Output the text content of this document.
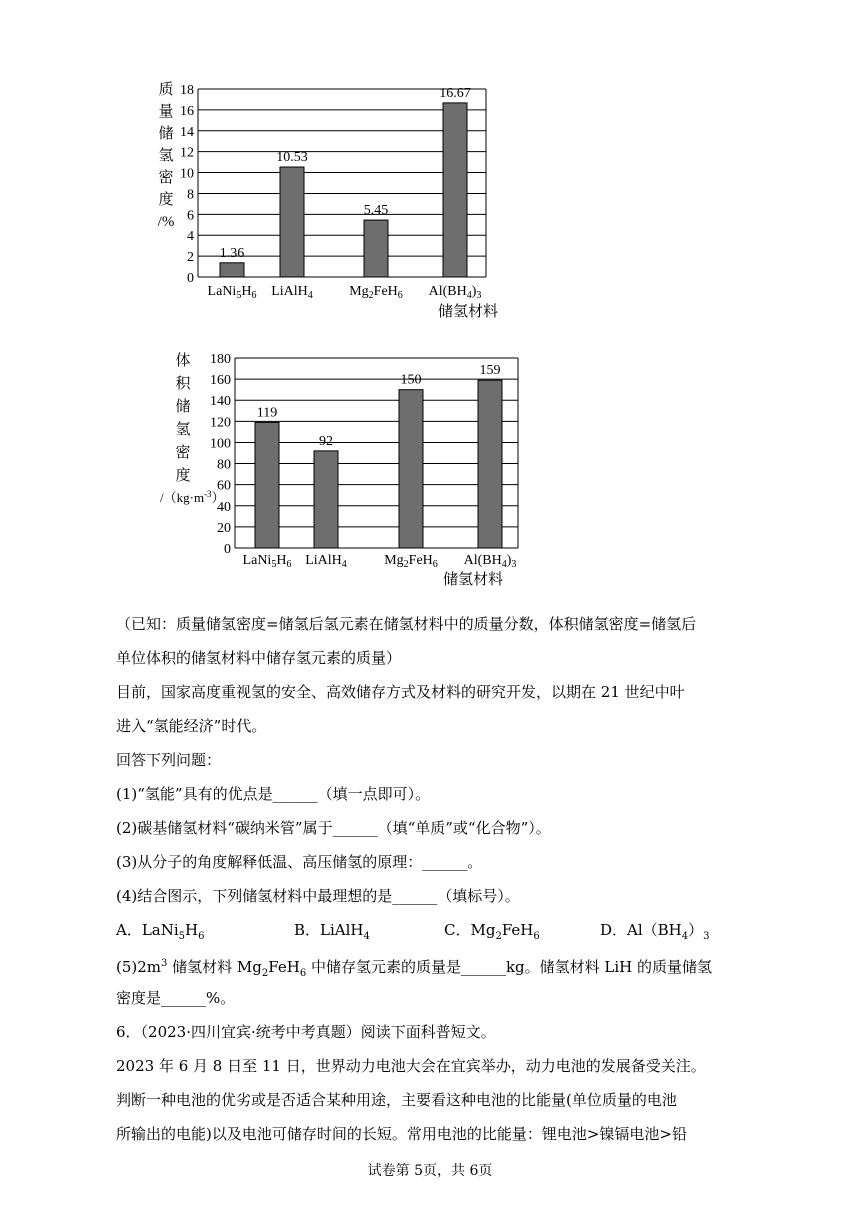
质
量
储
氢
密
度
/%
0
2
4
6
8
10
12
14
16
18
1.36
10.53
5.45
16.67
$LaNi_5H_6$ LiAlH$_4$	$Mg_2FeH_6$ $Al(BH_4)_3$
储氢材料
体
积
储
氢
密
度
$/(kg\cdot m^{-3})$
0
20
40
60
80
100
120
140
160
180
119
92
150
159
$LaNi_5H_6$ LiAlH$_4$	$Mg_2FeH_6$ $Al(BH_4)_3$
储氢材料
（已知：质量储氢密度=储氢后氢元素在储氢材料中的质量分数，体积储氢密度=储氢后
单位体积的储氢材料中储存氢元素的质量）
目前，国家高度重视氢的安全、高效储存方式及材料的研究开发，以期在 21 世纪中叶
进入“氢能经济”时代。
回答下列问题：
(1)“氢能”具有的优点是______（填一点即可）。
(2)碳基储氢材料“碳纳米管”属于______（填“单质”或“化合物”）。
(3)从分子的角度解释低温、高压储氢的原理：______。
(4)结合图示，下列储氢材料中最理想的是______（填标号）。
A．$LaNi_5H_6$	B．LiAlH$_4$	C．$Mg_2FeH_6$	D．$Al(BH_4)_3$
$(5)2m^3$ 储氢材料 $Mg_2FeH_6$ 中储存氢元素的质量是______kg。储氢材料 LiH 的质量储氢
密度是______%。
6．（2023·四川宜宾·统考中考真题）阅读下面科普短文。
2023 年 6 月 8 日至 11 日，世界动力电池大会在宜宾举办，动力电池的发展备受关注。
判断一种电池的优劣或是否适合某种用途，主要看这种电池的比能量(单位质量的电池
所输出的电能)以及电池可储存时间的长短。常用电池的比能量：锂电池>镍镉电池>铅
试卷第 5页，共 6页
